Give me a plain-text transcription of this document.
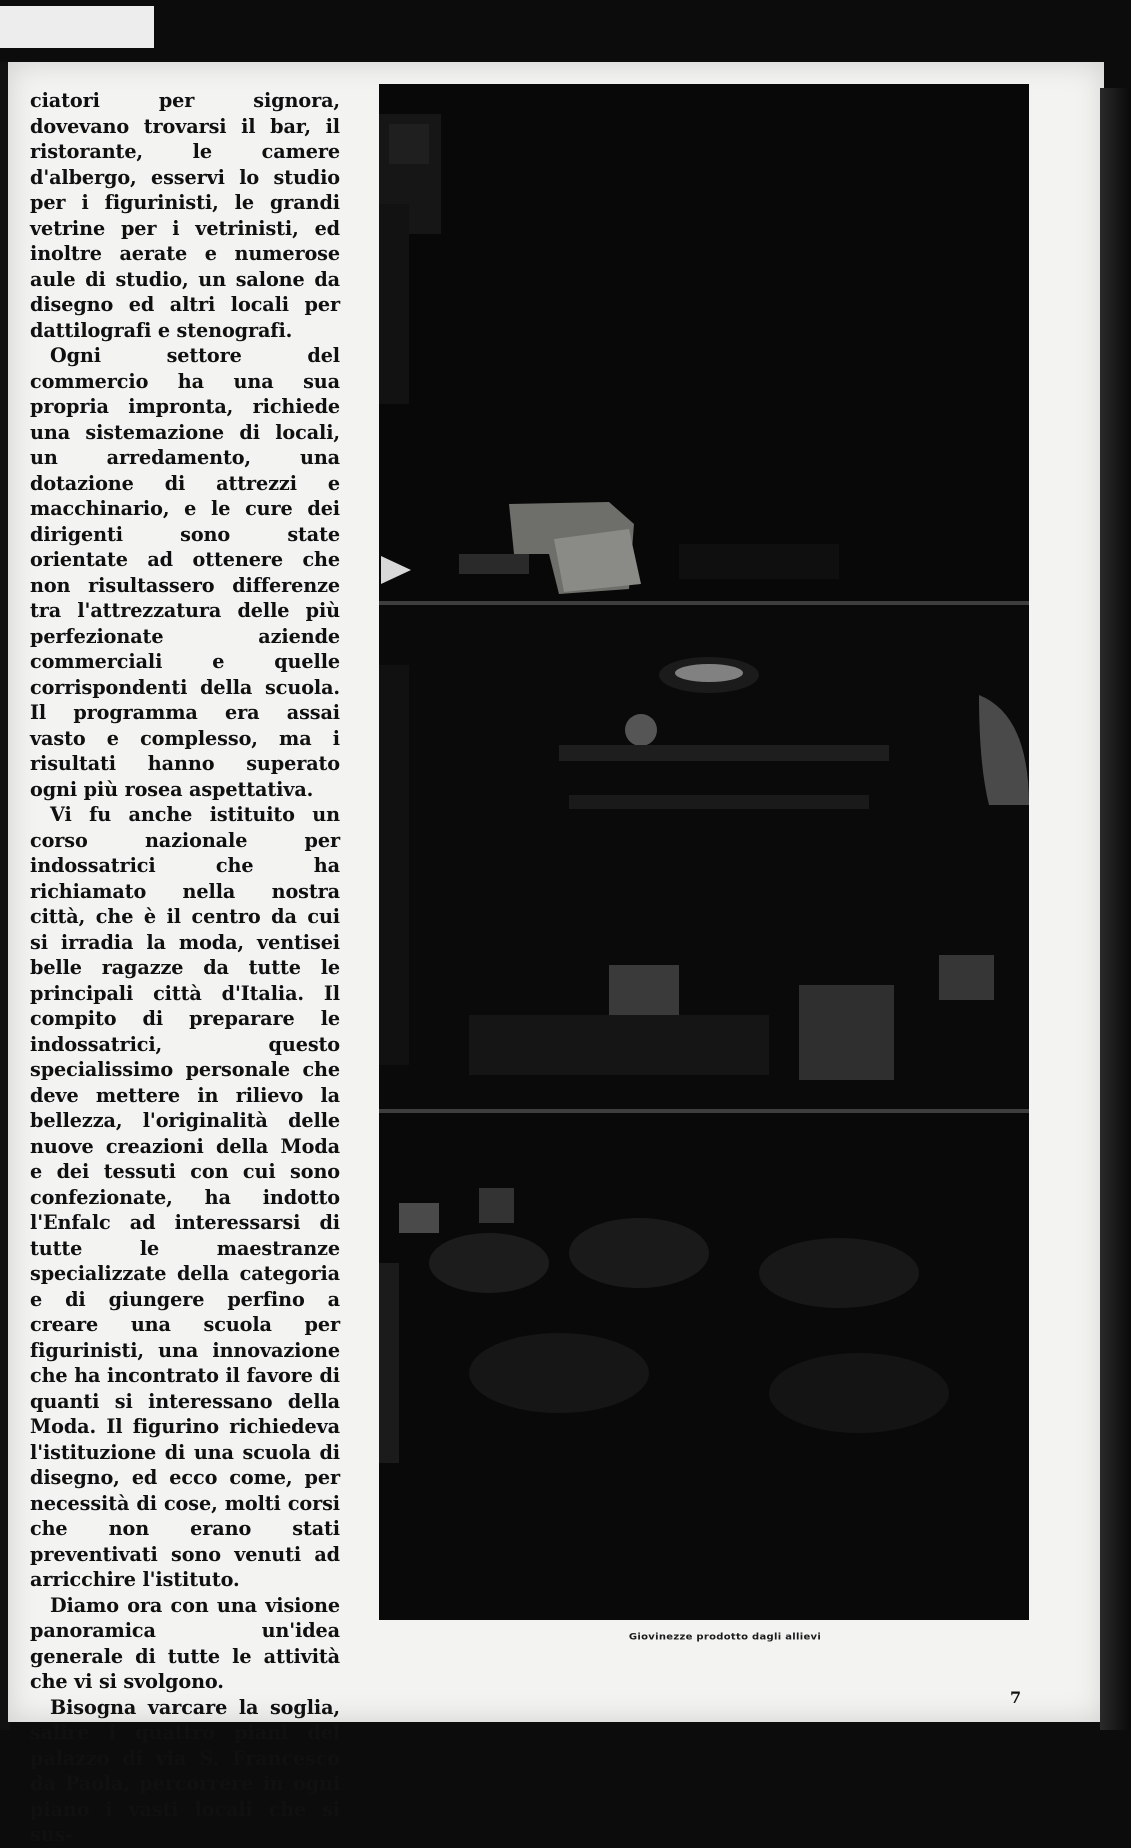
ciatori per signora, dovevano trovarsi il bar, il ristorante, le camere d'albergo, esservi lo studio per i figurinisti, le grandi vetrine per i vetrinisti, ed inoltre aerate e numerose aule di studio, un salone da disegno ed altri locali per dattilografi e stenografi.

Ogni settore del commercio ha una sua propria impronta, richiede una sistemazione di locali, un arredamento, una dotazione di attrezzi e macchinario, e le cure dei dirigenti sono state orientate ad ottenere che non risultassero differenze tra l'attrezzatura delle più perfezionate aziende commerciali e quelle corrispondenti della scuola. Il programma era assai vasto e complesso, ma i risultati hanno superato ogni più rosea aspettativa.

Vi fu anche istituito un corso nazionale per indossatrici che ha richiamato nella nostra città, che è il centro da cui si irradia la moda, ventisei belle ragazze da tutte le principali città d'Italia. Il compito di preparare le indossatrici, questo specialissimo personale che deve mettere in rilievo la bellezza, l'originalità delle nuove creazioni della Moda e dei tessuti con cui sono confezionate, ha indotto l'Enfalc ad interessarsi di tutte le maestranze specializzate della categoria e di giungere perfino a creare una scuola per figurinisti, una innovazione che ha incontrato il favore di quanti si interessano della Moda. Il figurino richiedeva l'istituzione di una scuola di disegno, ed ecco come, per necessità di cose, molti corsi che non erano stati preventivati sono venuti ad arricchire l'istituto.

Diamo ora con una visione panoramica un'idea generale di tutte le attività che vi si svolgono.

Bisogna varcare la soglia, salire i quattro piani del palazzo di via S. Francesco da Paola, percorrere in ogni piano i vasti locali che si sus-

Giovinezze prodotto dagli allievi
7
